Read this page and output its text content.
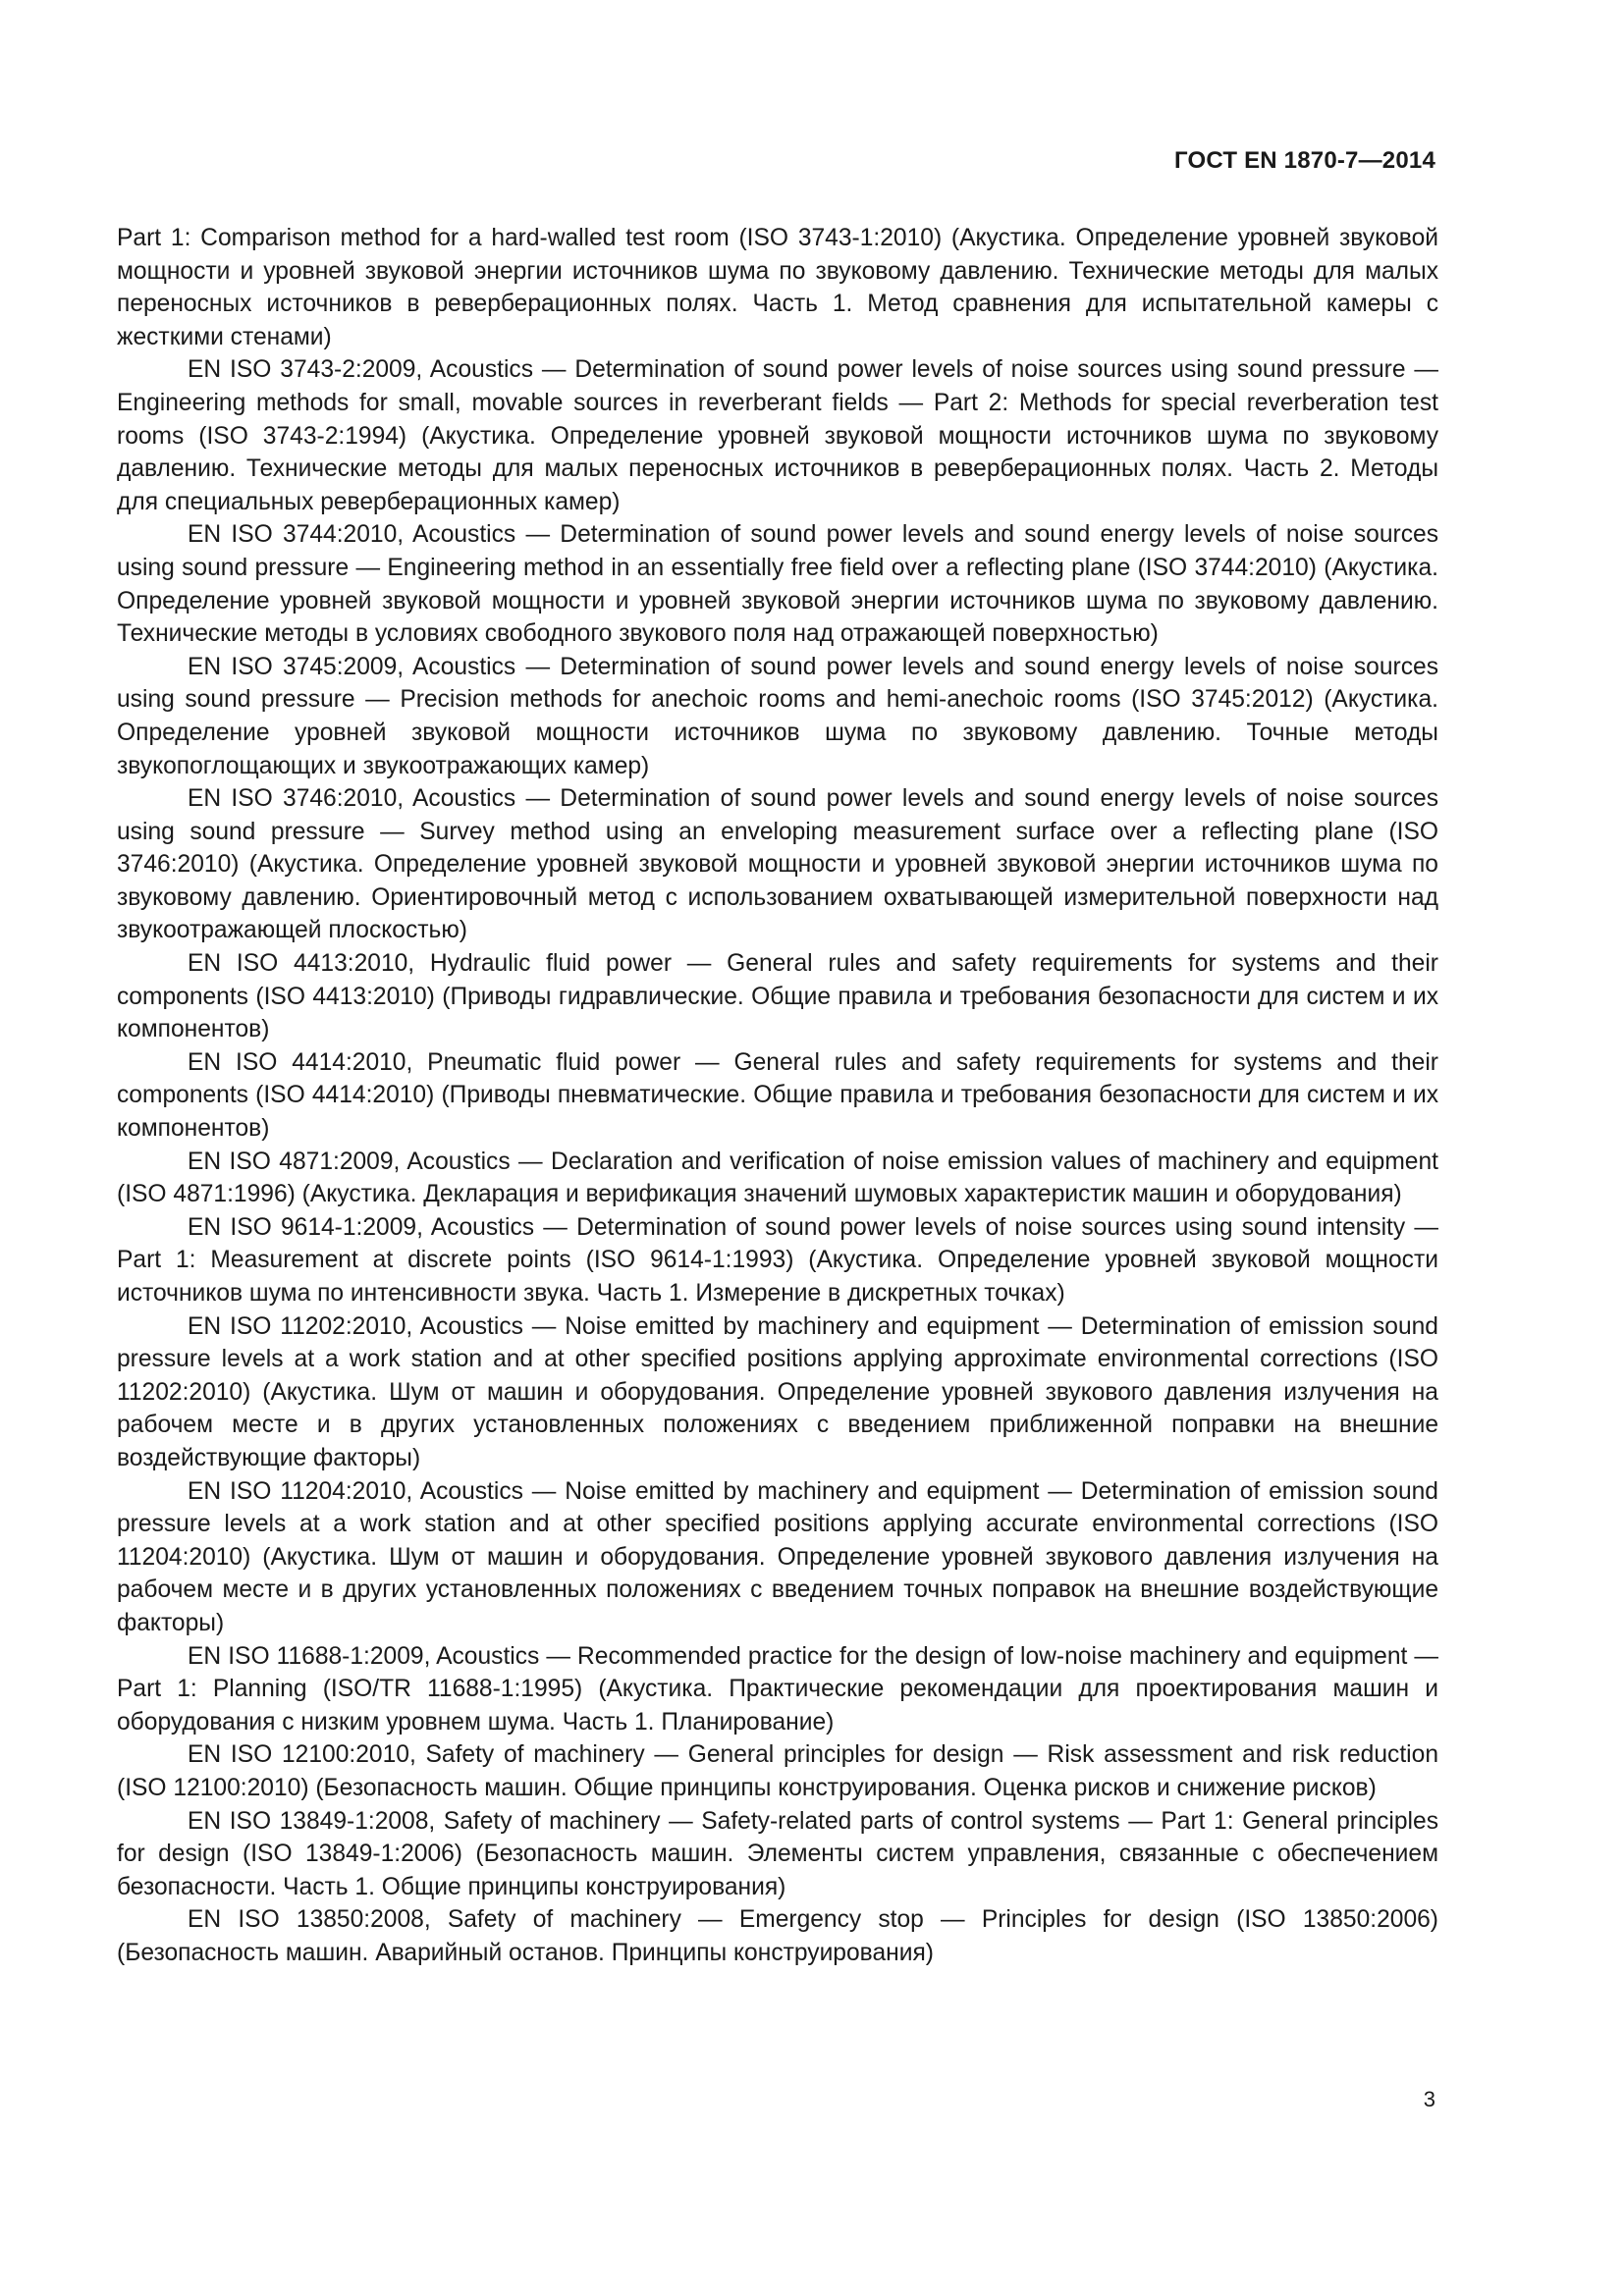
ГОСТ EN 1870-7—2014

Part 1: Comparison method for a hard-walled test room (ISO 3743-1:2010) (Акустика. Определение уровней звуковой мощности и уровней звуковой энергии источников шума по звуковому давлению. Технические методы для малых переносных источников в реверберационных полях. Часть 1. Метод сравнения для испытательной камеры с жесткими стенами)

EN ISO 3743-2:2009, Acoustics — Determination of sound power levels of noise sources using sound pressure — Engineering methods for small, movable sources in reverberant fields — Part 2: Methods for special reverberation test rooms (ISO 3743-2:1994) (Акустика. Определение уровней звуковой мощности источников шума по звуковому давлению. Технические методы для малых переносных источников в реверберационных полях. Часть 2. Методы для специальных реверберационных камер)

EN ISO 3744:2010, Acoustics — Determination of sound power levels and sound energy levels of noise sources using sound pressure — Engineering method in an essentially free field over a reflecting plane (ISO 3744:2010) (Акустика. Определение уровней звуковой мощности и уровней звуковой энергии источников шума по звуковому давлению. Технические методы в условиях свободного звукового поля над отражающей поверхностью)

EN ISO 3745:2009, Acoustics — Determination of sound power levels and sound energy levels of noise sources using sound pressure — Precision methods for anechoic rooms and hemi-anechoic rooms (ISO 3745:2012) (Акустика. Определение уровней звуковой мощности источников шума по звуковому давлению. Точные методы звукопоглощающих и звукоотражающих камер)

EN ISO 3746:2010, Acoustics — Determination of sound power levels and sound energy levels of noise sources using sound pressure — Survey method using an enveloping measurement surface over a reflecting plane (ISO 3746:2010) (Акустика. Определение уровней звуковой мощности и уровней звуковой энергии источников шума по звуковому давлению. Ориентировочный метод с использованием охватывающей измерительной поверхности над звукоотражающей плоскостью)

EN ISO 4413:2010, Hydraulic fluid power — General rules and safety requirements for systems and their components (ISO 4413:2010) (Приводы гидравлические. Общие правила и требования безопасности для систем и их компонентов)

EN ISO 4414:2010, Pneumatic fluid power — General rules and safety requirements for systems and their components (ISO 4414:2010) (Приводы пневматические. Общие правила и требования безопасности для систем и их компонентов)

EN ISO 4871:2009, Acoustics — Declaration and verification of noise emission values of machinery and equipment (ISO 4871:1996) (Акустика. Декларация и верификация значений шумовых характеристик машин и оборудования)

EN ISO 9614-1:2009, Acoustics — Determination of sound power levels of noise sources using sound intensity — Part 1: Measurement at discrete points (ISO 9614-1:1993) (Акустика. Определение уровней звуковой мощности источников шума по интенсивности звука. Часть 1. Измерение в дискретных точках)

EN ISO 11202:2010, Acoustics — Noise emitted by machinery and equipment — Determination of emission sound pressure levels at a work station and at other specified positions applying approximate environmental corrections (ISO 11202:2010) (Акустика. Шум от машин и оборудования. Определение уровней звукового давления излучения на рабочем месте и в других установленных положениях с введением приближенной поправки на внешние воздействующие факторы)

EN ISO 11204:2010, Acoustics — Noise emitted by machinery and equipment — Determination of emission sound pressure levels at a work station and at other specified positions applying accurate environmental corrections (ISO 11204:2010) (Акустика. Шум от машин и оборудования. Определение уровней звукового давления излучения на рабочем месте и в других установленных положениях с введением точных поправок на внешние воздействующие факторы)

EN ISO 11688-1:2009, Acoustics — Recommended practice for the design of low-noise machinery and equipment — Part 1: Planning (ISO/TR 11688-1:1995) (Акустика. Практические рекомендации для проектирования машин и оборудования с низким уровнем шума. Часть 1. Планирование)

EN ISO 12100:2010, Safety of machinery — General principles for design — Risk assessment and risk reduction (ISO 12100:2010) (Безопасность машин. Общие принципы конструирования. Оценка рисков и снижение рисков)

EN ISO 13849-1:2008, Safety of machinery — Safety-related parts of control systems — Part 1: General principles for design (ISO 13849-1:2006) (Безопасность машин. Элементы систем управления, связанные с обеспечением безопасности. Часть 1. Общие принципы конструирования)

EN ISO 13850:2008, Safety of machinery — Emergency stop — Principles for design (ISO 13850:2006) (Безопасность машин. Аварийный останов. Принципы конструирования)

3
